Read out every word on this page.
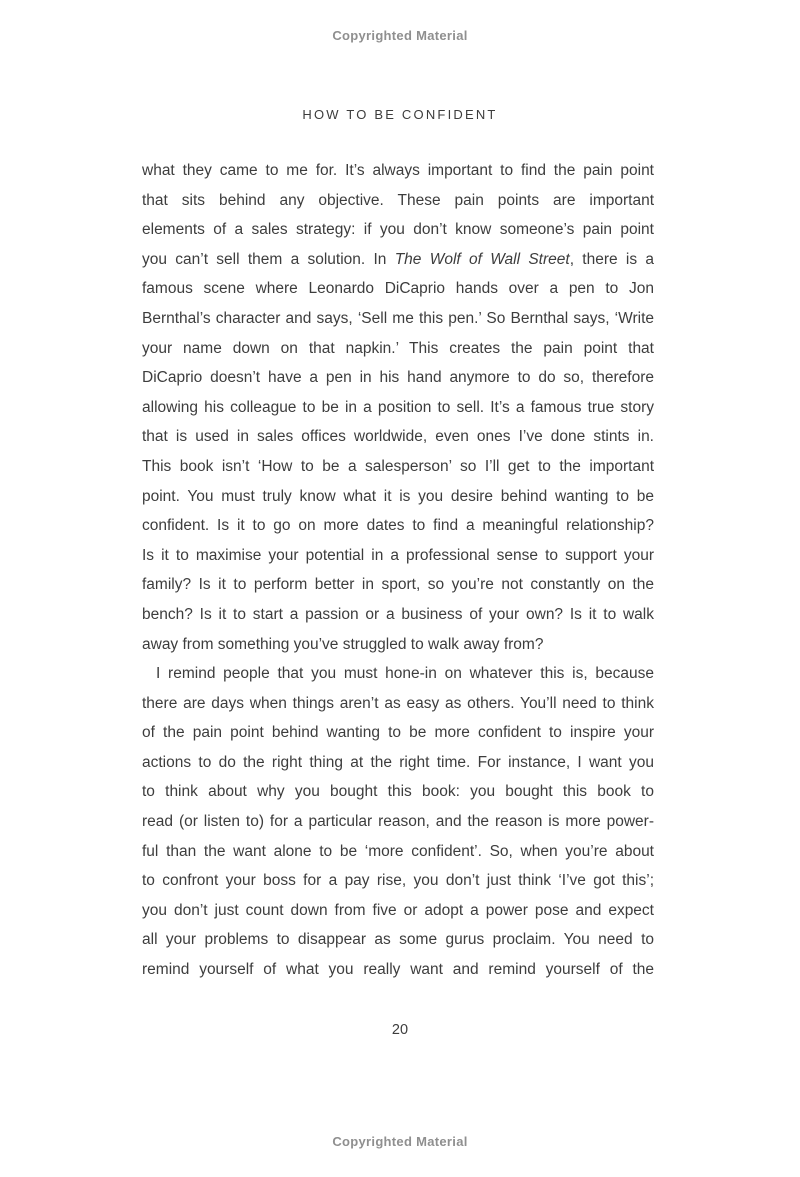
Copyrighted Material
HOW TO BE CONFIDENT
what they came to me for. It’s always important to find the pain point
that sits behind any objective. These pain points are important
elements of a sales strategy: if you don’t know someone’s pain point
you can’t sell them a solution. In The Wolf of Wall Street, there is a
famous scene where Leonardo DiCaprio hands over a pen to Jon
Bernthal’s character and says, ‘Sell me this pen.’ So Bernthal says, ‘Write
your name down on that napkin.’ This creates the pain point that
DiCaprio doesn’t have a pen in his hand anymore to do so, therefore
allowing his colleague to be in a position to sell. It’s a famous true story
that is used in sales offices worldwide, even ones I’ve done stints in.
This book isn’t ‘How to be a salesperson’ so I’ll get to the important
point. You must truly know what it is you desire behind wanting to be
confident. Is it to go on more dates to find a meaningful relationship?
Is it to maximise your potential in a professional sense to support your
family? Is it to perform better in sport, so you’re not constantly on the
bench? Is it to start a passion or a business of your own? Is it to walk
away from something you’ve struggled to walk away from?
I remind people that you must hone-in on whatever this is, because
there are days when things aren’t as easy as others. You’ll need to think
of the pain point behind wanting to be more confident to inspire your
actions to do the right thing at the right time. For instance, I want you
to think about why you bought this book: you bought this book to
read (or listen to) for a particular reason, and the reason is more power-
ful than the want alone to be ‘more confident’. So, when you’re about
to confront your boss for a pay rise, you don’t just think ‘I’ve got this’;
you don’t just count down from five or adopt a power pose and expect
all your problems to disappear as some gurus proclaim. You need to
remind yourself of what you really want and remind yourself of the
20
Copyrighted Material
